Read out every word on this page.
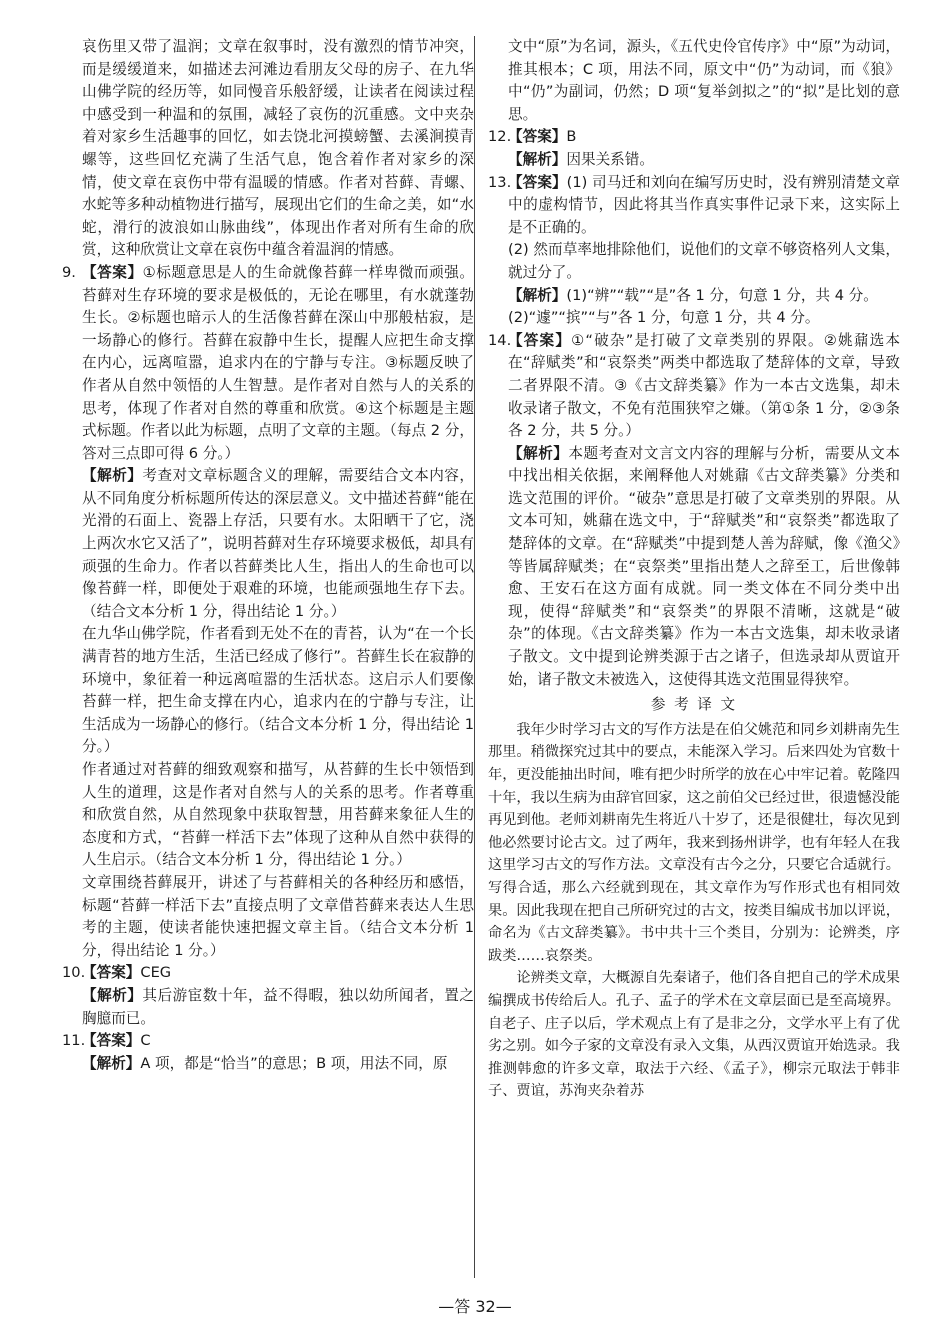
哀伤里又带了温润；文章在叙事时，没有激烈的情节冲突，而是缓缓道来，如描述去河滩边看朋友父母的房子、在九华山佛学院的经历等，如同慢音乐般舒缓，让读者在阅读过程中感受到一种温和的氛围，减轻了哀伤的沉重感。文中夹杂着对家乡生活趣事的回忆，如去饶北河摸螃蟹、去溪涧摸青螺等，这些回忆充满了生活气息，饱含着作者对家乡的深情，使文章在哀伤中带有温暖的情感。作者对苔藓、青螺、水蛇等多种动植物进行描写，展现出它们的生命之美，如“水蛇，滑行的波浪如山脉曲线”，体现出作者对所有生命的欣赏，这种欣赏让文章在哀伤中蕴含着温润的情感。

9. 【答案】①标题意思是人的生命就像苔藓一样卑微而顽强。苔藓对生存环境的要求是极低的，无论在哪里，有水就蓬勃生长。②标题也暗示人的生活像苔藓在深山中那般枯寂，是一场静心的修行。苔藓在寂静中生长，提醒人应把生命支撑在内心，远离喧嚣，追求内在的宁静与专注。③标题反映了作者从自然中领悟的人生智慧。是作者对自然与人的关系的思考，体现了作者对自然的尊重和欣赏。④这个标题是主题式标题。作者以此为标题，点明了文章的主题。（每点 2 分，答对三点即可得 6 分。）

【解析】考查对文章标题含义的理解，需要结合文本内容，从不同角度分析标题所传达的深层意义。文中描述苔藓“能在光滑的石面上、瓷器上存活，只要有水。太阳晒干了它，浇上两次水它又活了”，说明苔藓对生存环境要求极低，却具有顽强的生命力。作者以苔藓类比人生，指出人的生命也可以像苔藓一样，即便处于艰难的环境，也能顽强地生存下去。（结合文本分析 1 分，得出结论 1 分。）

在九华山佛学院，作者看到无处不在的青苔，认为“在一个长满青苔的地方生活，生活已经成了修行”。苔藓生长在寂静的环境中，象征着一种远离喧嚣的生活状态。这启示人们要像苔藓一样，把生命支撑在内心，追求内在的宁静与专注，让生活成为一场静心的修行。（结合文本分析 1 分，得出结论 1 分。）

作者通过对苔藓的细致观察和描写，从苔藓的生长中领悟到人生的道理，这是作者对自然与人的关系的思考。作者尊重和欣赏自然，从自然现象中获取智慧，用苔藓来象征人生的态度和方式，“苔藓一样活下去”体现了这种从自然中获得的人生启示。（结合文本分析 1 分，得出结论 1 分。）

文章围绕苔藓展开，讲述了与苔藓相关的各种经历和感悟，标题“苔藓一样活下去”直接点明了文章借苔藓来表达人生思考的主题，使读者能快速把握文章主旨。（结合文本分析 1 分，得出结论 1 分。）

10.

【答案】CEG

【解析】其后游宦数十年，益不得暇，独以幼所闻者，置之胸臆而已。

11.

【答案】C

【解析】A 项，都是“恰当”的意思；B 项，用法不同，原

文中“原”为名词，源头，《五代史伶官传序》中“原”为动词，推其根本；C 项，用法不同，原文中“仍”为动词，而《狼》中“仍”为副词，仍然；D 项“复举剑拟之”的“拟”是比划的意思。

12.

【答案】B

【解析】因果关系错。

13.

【答案】(1) 司马迁和刘向在编写历史时，没有辨别清楚文章中的虚构情节，因此将其当作真实事件记录下来，这实际上是不正确的。

(2) 然而草率地排除他们，说他们的文章不够资格列人文集，就过分了。

【解析】(1)“辨”“载”“是”各 1 分，句意 1 分，共 4 分。

(2)“遽”“摈”“与”各 1 分，句意 1 分，共 4 分。

14.

【答案】①“破杂”是打破了文章类别的界限。②姚鼐选本在“辞赋类”和“哀祭类”两类中都选取了楚辞体的文章，导致二者界限不清。③《古文辞类纂》作为一本古文选集，却未收录诸子散文，不免有范围狭窄之嫌。（第①条 1 分，②③条各 2 分，共 5 分。）

【解析】本题考查对文言文内容的理解与分析，需要从文本中找出相关依据，来阐释他人对姚鼐《古文辞类纂》分类和选文范围的评价。“破杂”意思是打破了文章类别的界限。从文本可知，姚鼐在选文中，于“辞赋类”和“哀祭类”都选取了楚辞体的文章。在“辞赋类”中提到楚人善为辞赋，像《渔父》等皆属辞赋类；在“哀祭类”里指出楚人之辞至工，后世像韩愈、王安石在这方面有成就。同一类文体在不同分类中出现，使得“辞赋类”和“哀祭类”的界限不清晰，这就是“破杂”的体现。《古文辞类纂》作为一本古文选集，却未收录诸子散文。文中提到论辨类源于古之诸子，但选录却从贾谊开始，诸子散文未被选入，这使得其选文范围显得狭窄。

参 考 译 文

我年少时学习古文的写作方法是在伯父姚范和同乡刘耕南先生那里。稍微探究过其中的要点，未能深入学习。后来四处为官数十年，更没能抽出时间，唯有把少时所学的放在心中牢记着。乾隆四十年，我以生病为由辞官回家，这之前伯父已经过世，很遗憾没能再见到他。老师刘耕南先生将近八十岁了，还是很健壮，每次见到他必然要讨论古文。过了两年，我来到扬州讲学，也有年轻人在我这里学习古文的写作方法。文章没有古今之分，只要它合适就行。写得合适，那么六经就到现在，其文章作为写作形式也有相同效果。因此我现在把自己所研究过的古文，按类目编成书加以评说，命名为《古文辞类纂》。书中共十三个类目，分别为：论辨类，序跋类……哀祭类。

论辨类文章，大概源自先秦诸子，他们各自把自己的学术成果编撰成书传给后人。孔子、孟子的学术在文章层面已是至高境界。自老子、庄子以后，学术观点上有了是非之分，文学水平上有了优劣之别。如今子家的文章没有录入文集，从西汉贾谊开始选录。我推测韩愈的许多文章，取法于六经、《孟子》，柳宗元取法于韩非子、贾谊，苏洵夹杂着苏

—答 32—
